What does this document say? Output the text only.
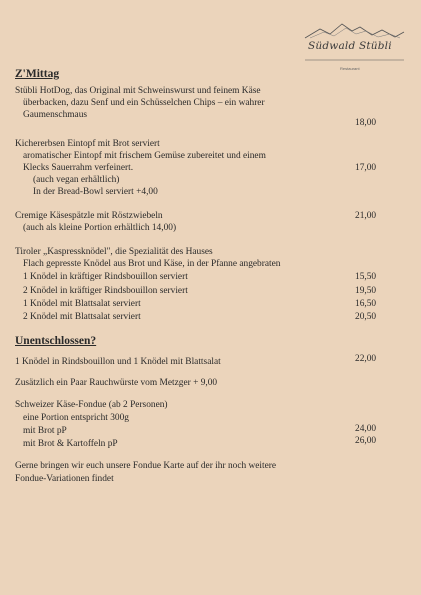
Südwald Stübli
Restaurant
Z'Mittag
Stübli HotDog, das Original mit Schweinswurst und feinem Käse
überbacken, dazu Senf und ein Schüsselchen Chips – ein wahrer
Gaumenschmaus
18,00
Kichererbsen Eintopf mit Brot serviert
aromatischer Eintopf mit frischem Gemüse zubereitet und einem
Klecks Sauerrahm verfeinert.
(auch vegan erhältlich)
In der Bread-Bowl serviert +4,00
17,00
Cremige Käsespätzle mit Röstzwiebeln
(auch als kleine Portion erhältlich 14,00)
21,00
Tiroler „Kaspressknödel", die Spezialität des Hauses
Flach gepresste Knödel aus Brot und Käse, in der Pfanne angebraten
1 Knödel in kräftiger Rindsbouillon serviert	15,50
2 Knödel in kräftiger Rindsbouillon serviert	19,50
1 Knödel mit Blattsalat serviert	16,50
2 Knödel mit Blattsalat serviert	20,50
Unentschlossen?
1 Knödel in Rindsbouillon und 1 Knödel mit Blattsalat	22,00
Zusätzlich ein Paar Rauchwürste vom Metzger + 9,00
Schweizer Käse-Fondue (ab 2 Personen)
eine Portion entspricht 300g
mit Brot pP	24,00
mit Brot & Kartoffeln pP	26,00
Gerne bringen wir euch unsere Fondue Karte auf der ihr noch weitere
Fondue-Variationen findet
